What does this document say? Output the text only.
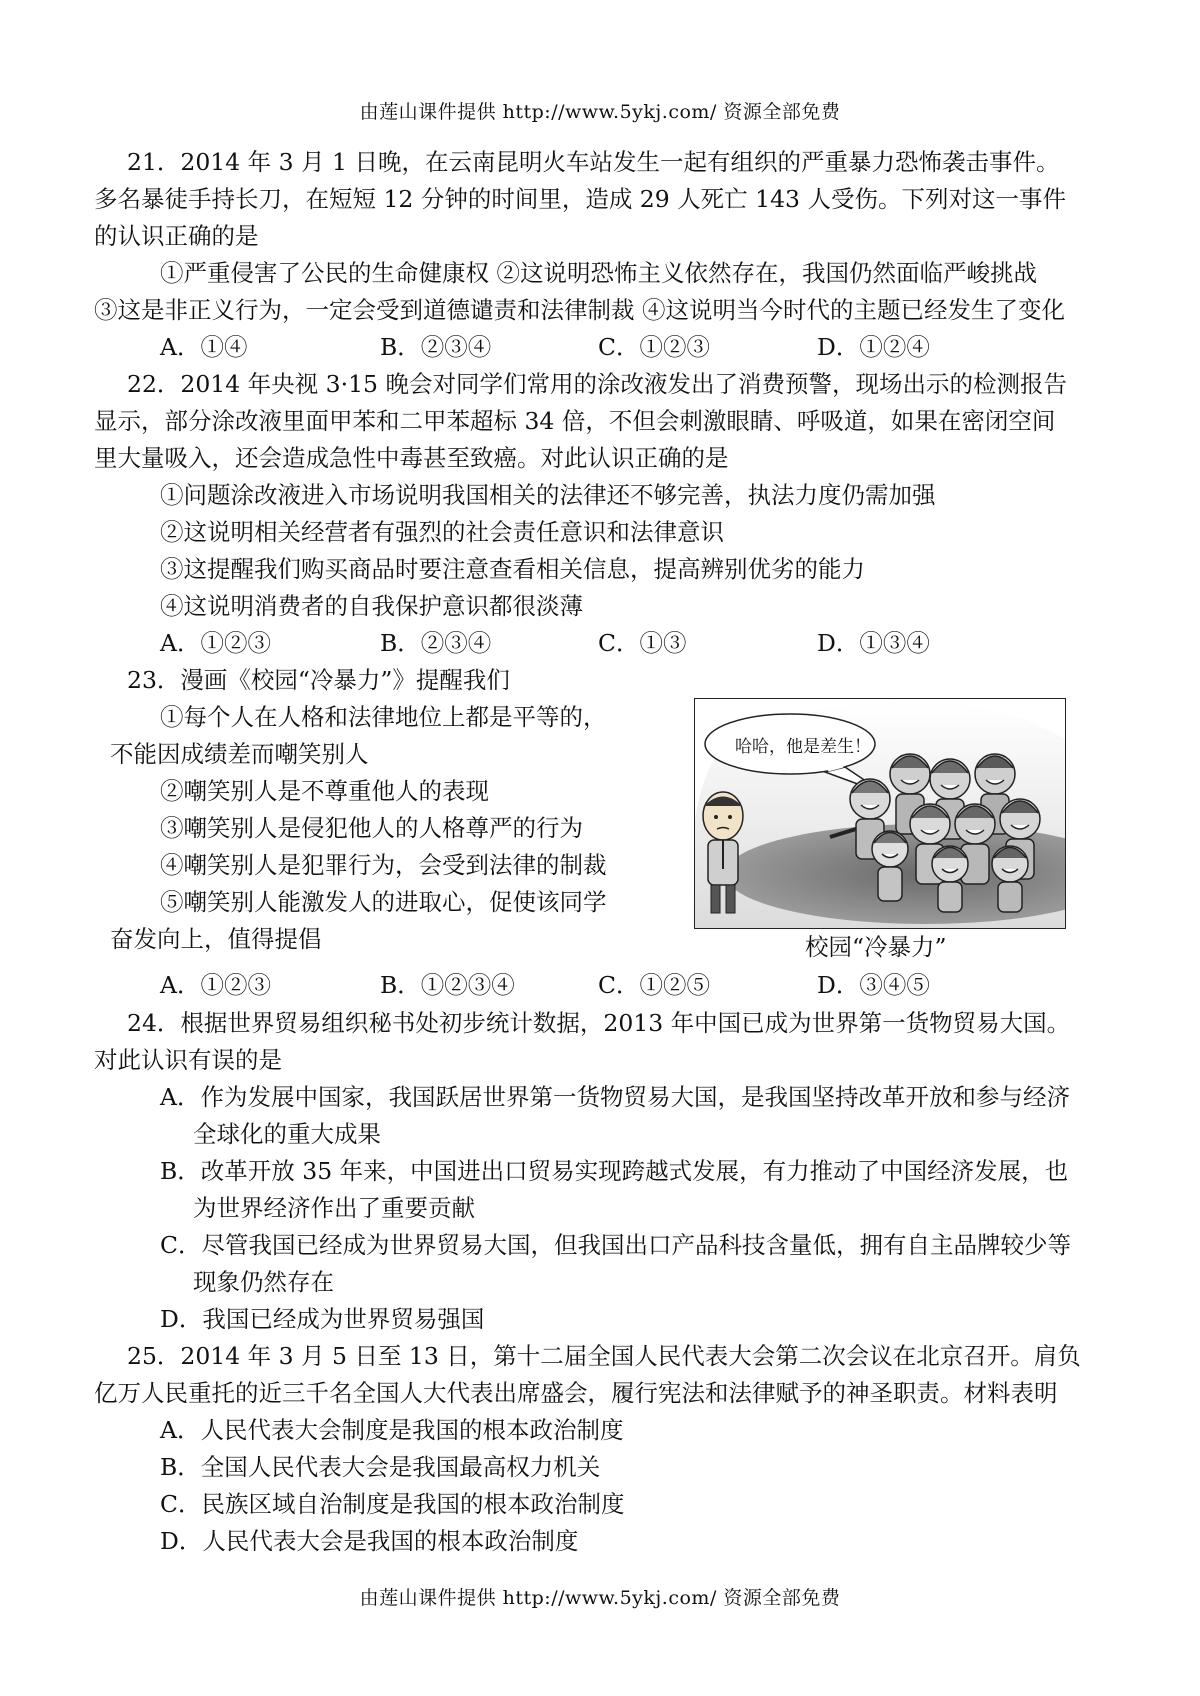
由莲山课件提供 http://www.5ykj.com/ 资源全部免费
21．2014 年 3 月 1 日晚，在云南昆明火车站发生一起有组织的严重暴力恐怖袭击事件。
多名暴徒手持长刀，在短短 12 分钟的时间里，造成 29 人死亡 143 人受伤。下列对这一事件
的认识正确的是
①严重侵害了公民的生命健康权 ②这说明恐怖主义依然存在，我国仍然面临严峻挑战
③这是非正义行为，一定会受到道德谴责和法律制裁 ④这说明当今时代的主题已经发生了变化
A．①④	B．②③④	C．①②③	D．①②④
22．2014 年央视 3·15 晚会对同学们常用的涂改液发出了消费预警，现场出示的检测报告
显示，部分涂改液里面甲苯和二甲苯超标 34 倍，不但会刺激眼睛、呼吸道，如果在密闭空间
里大量吸入，还会造成急性中毒甚至致癌。对此认识正确的是
①问题涂改液进入市场说明我国相关的法律还不够完善，执法力度仍需加强
②这说明相关经营者有强烈的社会责任意识和法律意识
③这提醒我们购买商品时要注意查看相关信息，提高辨别优劣的能力
④这说明消费者的自我保护意识都很淡薄
A．①②③	B．②③④	C．①③	D．①③④
23．漫画《校园“冷暴力”》提醒我们
①每个人在人格和法律地位上都是平等的，
不能因成绩差而嘲笑别人
②嘲笑别人是不尊重他人的表现
③嘲笑别人是侵犯他人的人格尊严的行为
④嘲笑别人是犯罪行为，会受到法律的制裁
⑤嘲笑别人能激发人的进取心，促使该同学
奋发向上，值得提倡
哈哈，他是差生！
校园“冷暴力”
A．①②③	B．①②③④	C．①②⑤	D．③④⑤
24．根据世界贸易组织秘书处初步统计数据，2013 年中国已成为世界第一货物贸易大国。
对此认识有误的是
A．作为发展中国家，我国跃居世界第一货物贸易大国，是我国坚持改革开放和参与经济
全球化的重大成果
B．改革开放 35 年来，中国进出口贸易实现跨越式发展，有力推动了中国经济发展，也
为世界经济作出了重要贡献
C．尽管我国已经成为世界贸易大国，但我国出口产品科技含量低，拥有自主品牌较少等
现象仍然存在
D．我国已经成为世界贸易强国
25．2014 年 3 月 5 日至 13 日，第十二届全国人民代表大会第二次会议在北京召开。肩负
亿万人民重托的近三千名全国人大代表出席盛会，履行宪法和法律赋予的神圣职责。材料表明
A．人民代表大会制度是我国的根本政治制度
B．全国人民代表大会是我国最高权力机关
C．民族区域自治制度是我国的根本政治制度
D．人民代表大会是我国的根本政治制度
由莲山课件提供 http://www.5ykj.com/ 资源全部免费
